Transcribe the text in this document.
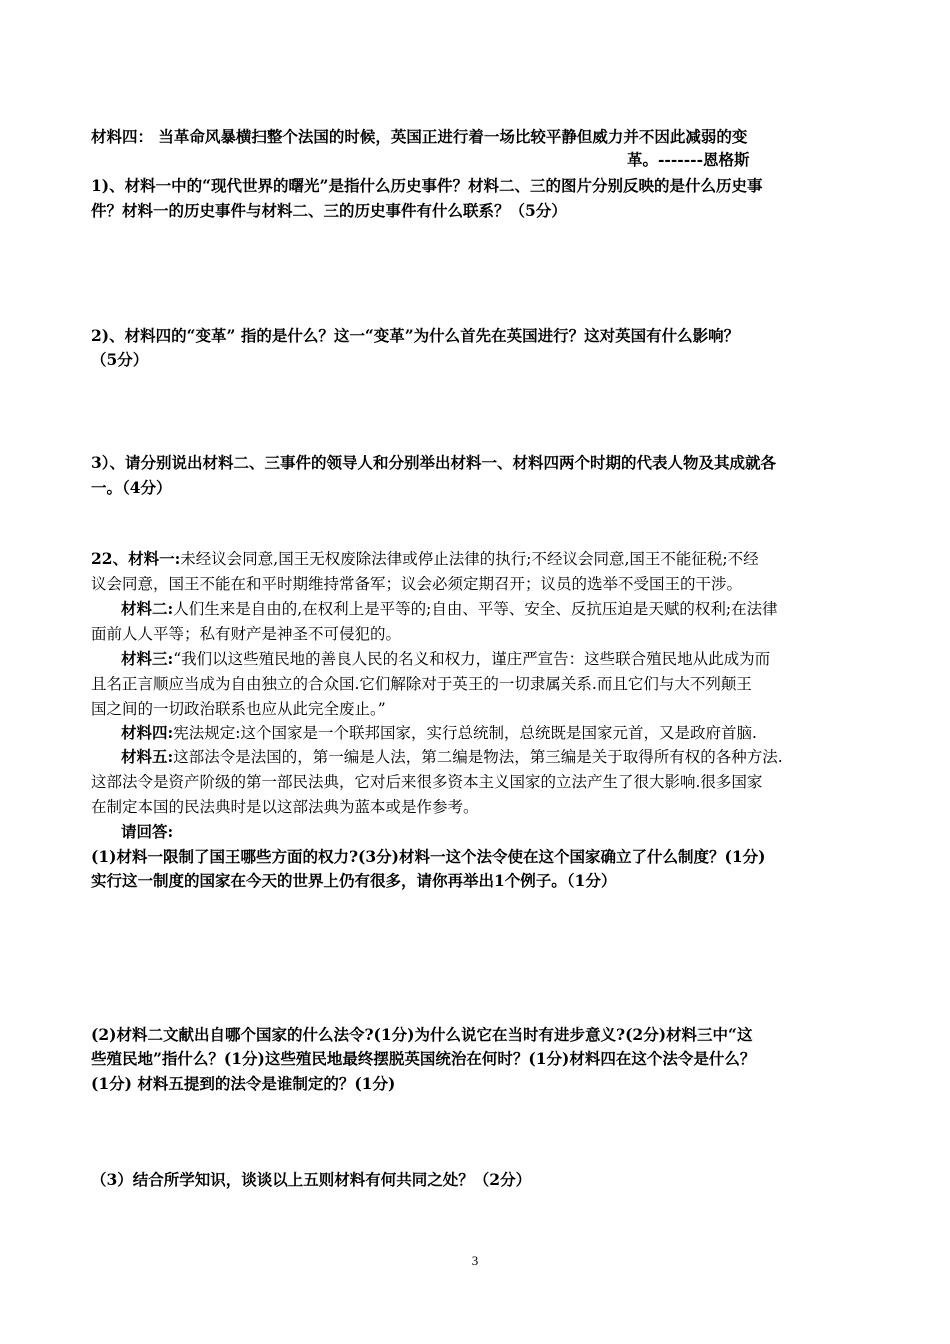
材料四： 当革命风暴横扫整个法国的时候，英国正进行着一场比较平静但威力并不因此减弱的变
革。-------恩格斯
1)、材料一中的“现代世界的曙光”是指什么历史事件？材料二、三的图片分别反映的是什么历史事
件？材料一的历史事件与材料二、三的历史事件有什么联系？（5分）
2)、材料四的“变革” 指的是什么？这一“变革”为什么首先在英国进行？这对英国有什么影响？
（5分）
3）、请分别说出材料二、三事件的领导人和分别举出材料一、材料四两个时期的代表人物及其成就各
一。（4分）
22、材料一:未经议会同意,国王无权废除法律或停止法律的执行;不经议会同意,国王不能征税;不经
议会同意，国王不能在和平时期维持常备军；议会必须定期召开；议员的选举不受国王的干涉。
材料二:人们生来是自由的,在权利上是平等的;自由、平等、安全、反抗压迫是天赋的权利;在法律
面前人人平等；私有财产是神圣不可侵犯的。
材料三:“我们以这些殖民地的善良人民的名义和权力，谨庄严宣告：这些联合殖民地从此成为而
且名正言顺应当成为自由独立的合众国.它们解除对于英王的一切隶属关系.而且它们与大不列颠王
国之间的一切政治联系也应从此完全废止。”
材料四:宪法规定:这个国家是一个联邦国家，实行总统制，总统既是国家元首，又是政府首脑.
材料五:这部法令是法国的，第一编是人法，第二编是物法，第三编是关于取得所有权的各种方法.
这部法令是资产阶级的第一部民法典，它对后来很多资本主义国家的立法产生了很大影响.很多国家
在制定本国的民法典时是以这部法典为蓝本或是作参考。
请回答:
(1)材料一限制了国王哪些方面的权力?(3分)材料一这个法令使在这个国家确立了什么制度？(1分)
实行这一制度的国家在今天的世界上仍有很多，请你再举出1个例子。（1分）
(2)材料二文献出自哪个国家的什么法令?(1分)为什么说它在当时有进步意义?(2分)材料三中“这
些殖民地”指什么？(1分)这些殖民地最终摆脱英国统治在何时？(1分)材料四在这个法令是什么？
(1分) 材料五提到的法令是谁制定的？(1分)
（3）结合所学知识，谈谈以上五则材料有何共同之处？（2分）
3
